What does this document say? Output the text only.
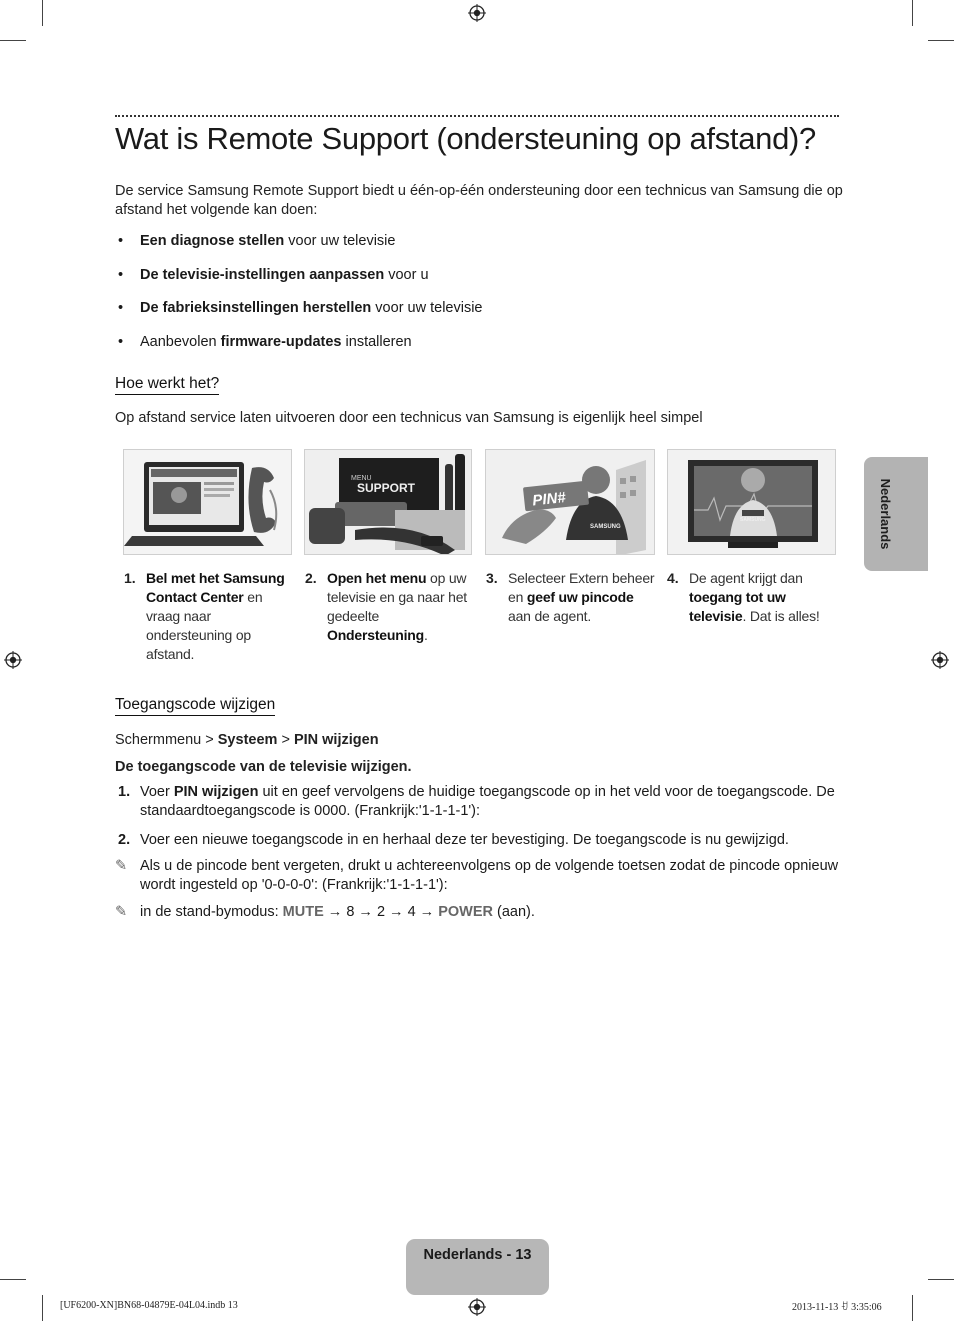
Wat is Remote Support (ondersteuning op afstand)?
De service Samsung Remote Support biedt u één-op-één ondersteuning door een technicus van Samsung die op afstand het volgende kan doen:
• Een diagnose stellen voor uw televisie
• De televisie-instellingen aanpassen voor u
• De fabrieksinstellingen herstellen voor uw televisie
• Aanbevolen firmware-updates installeren
Hoe werkt het?
Op afstand service laten uitvoeren door een technicus van Samsung is eigenlijk heel simpel
MENU
SUPPORT
PIN#
SAMSUNG
SAMSUNG
1. Bel met het Samsung Contact Center en vraag naar ondersteuning op afstand.
2. Open het menu op uw televisie en ga naar het gedeelte Ondersteuning.
3. Selecteer Extern beheer en geef uw pincode aan de agent.
4. De agent krijgt dan toegang tot uw televisie. Dat is alles!
Toegangscode wijzigen
Schermmenu > Systeem > PIN wijzigen
De toegangscode van de televisie wijzigen.
1. Voer PIN wijzigen uit en geef vervolgens de huidige toegangscode op in het veld voor de toegangscode. De standaardtoegangscode is 0000. (Frankrijk:'1-1-1-1'):
2. Voer een nieuwe toegangscode in en herhaal deze ter bevestiging. De toegangscode is nu gewijzigd.
✎ Als u de pincode bent vergeten, drukt u achtereenvolgens op de volgende toetsen zodat de pincode opnieuw wordt ingesteld op '0-0-0-0': (Frankrijk:'1-1-1-1'):
✎ in de stand-bymodus: MUTE → 8 → 2 → 4 → POWER (aan).
Nederlands
Nederlands - 13
[UF6200-XN]BN68-04879E-04L04.indb 13	2013-11-13 ꀀ 3:35:06
